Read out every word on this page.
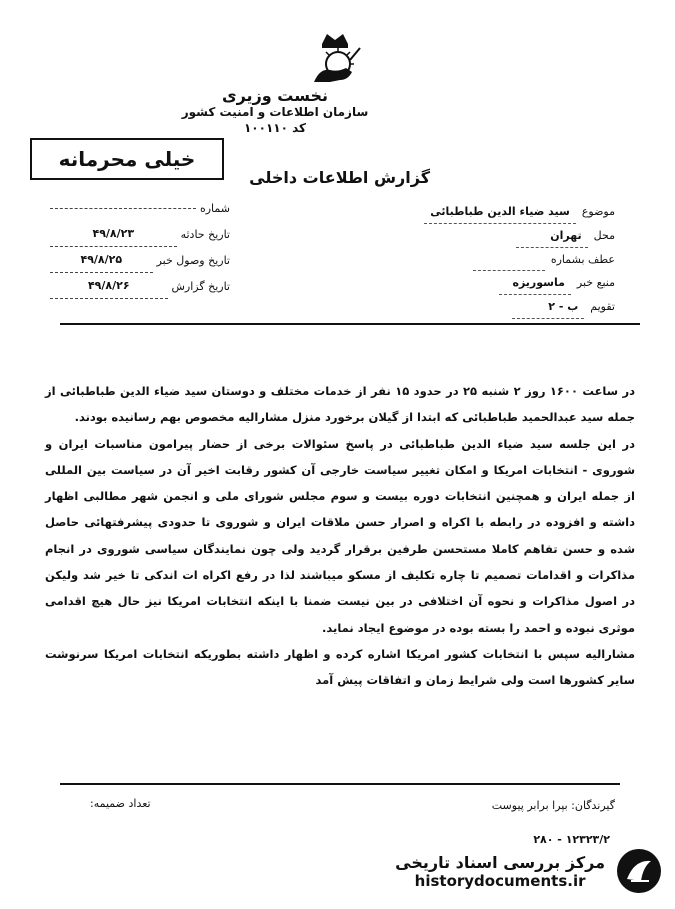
نخست وزیری
سازمان اطلاعات و امنیت کشور
کد ۱۰۰۱۱۰
خیلی محرمانه
گزارش اطلاعات داخلی
شماره
تاریخ حادثه
۴۹/۸/۲۳
تاریخ وصول خبر
۴۹/۸/۲۵
تاریخ گزارش
۴۹/۸/۲۶
موضوع
سید ضیاء الدین طباطبائی
محل
تهران
عطف بشماره
منبع خبر
ماسوریزه
تقویم
ب - ۲

در ساعت ۱۶۰۰ روز ۲ شنبه ۲۵ در حدود ۱۵ نفر از خدمات مختلف و دوستان سید ضیاء الدین طباطبائی از جمله سید عبدالحمید طباطبائی که ابتدا از گیلان برخورد منزل مشارالیه مخصوص بهم رسانیده بودند.

در این جلسه سید ضیاء الدین طباطبائی در پاسخ سئوالات برخی از حضار پیرامون مناسبات ایران و شوروی - انتخابات امریکا و امکان تغییر سیاست خارجی آن کشور رقابت اخیر آن در سیاست بین المللی از جمله ایران و همچنین انتخابات دوره بیست و سوم مجلس شورای ملی و انجمن شهر مطالبی اظهار داشته و افزوده در رابطه با اکراه و اصرار حسن ملاقات ایران و شوروی تا حدودی پیشرفتهائی حاصل شده و حسن تفاهم کاملا مستحسن طرفین برقرار گردید ولی چون نمایندگان سیاسی شوروی در انجام مذاکرات و اقدامات تصمیم تا چاره تکلیف از مسکو میباشند لذا در رفع اکراه ات اندکی تا خیر شد ولیکن در اصول مذاکرات و نحوه آن اختلافی در بین نیست ضمنا با اینکه انتخابات امریکا نیز حال هیچ اقدامی موثری نبوده و احمد را بسته بوده در موضوع ایجاد نماید.

مشارالیه سپس با انتخابات کشور امریکا اشاره کرده و اظهار داشته بطوریکه انتخابات امریکا سرنوشت سایر کشورها است ولی شرایط زمان و اتفاقات پیش آمد

گیرندگان: بپرا برابر پیوست
تعداد ضمیمه:
۲۸۰ - ۱۲۳۲۳/۲
مرکز بررسی اسناد تاریخی
historydocuments.ir
